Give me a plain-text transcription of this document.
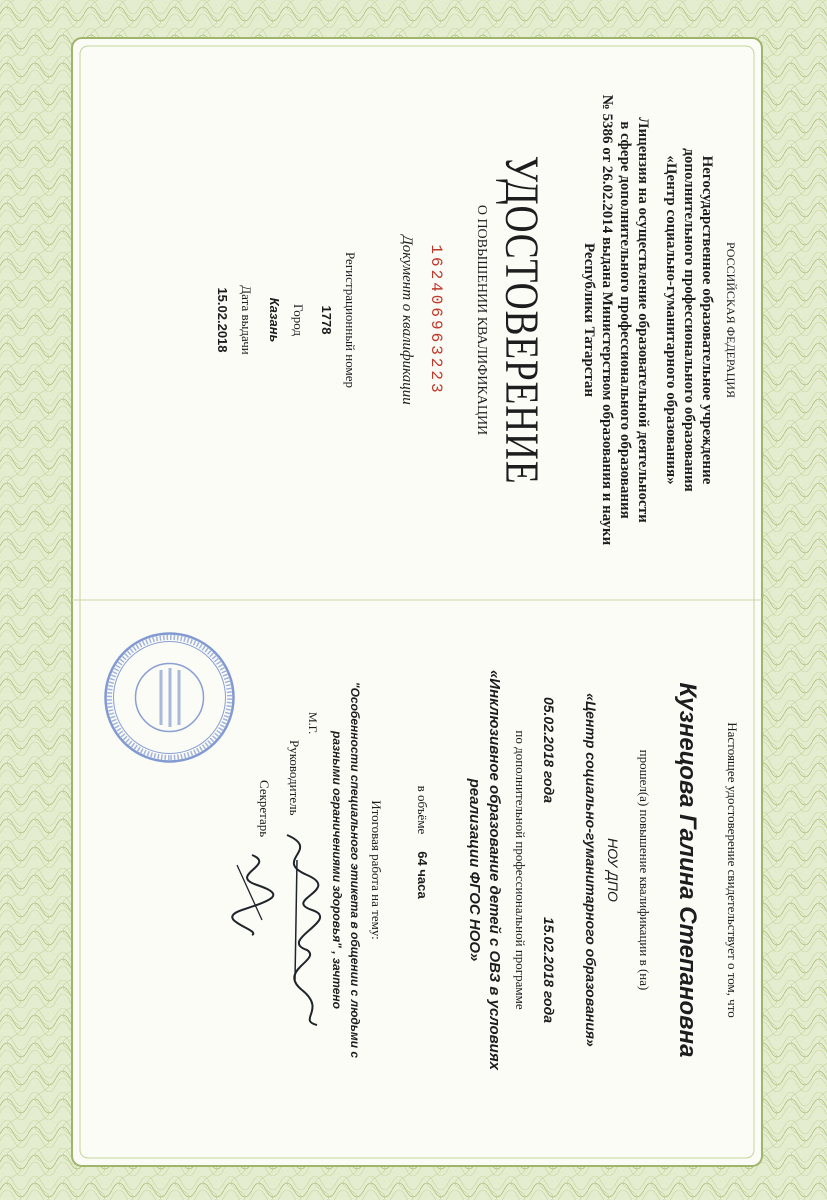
РОССИЙСКАЯ ФЕДЕРАЦИЯ
Негосударственное образовательное учреждение
дополнительного профессионального образования
«Центр социально-гуманитарного образования»
Лицензия на осуществление образовательной деятельности
в сфере дополнительного профессионального образования
№ 5386 от 26.02.2014 выдана Министерством образования и науки
Республики Татарстан
УДОСТОВЕРЕНИЕ
О ПОВЫШЕНИИ КВАЛИФИКАЦИИ
162406963223
Документ о квалификации
Регистрационный номер
1778
Город
Казань
Дата выдачи
15.02.2018
Настоящее удостоверение свидетельствует о том, что
Кузнецова Галина Степановна
прошел(а) повышение квалификации в (на)
НОУ ДПО
«Центр социально-гуманитарного образования»
05.02.2018 года
15.02.2018 года
по дополнительной профессиональной программе
«Инклюзивное образование детей с ОВЗ в условиях
реализации ФГОС НОО»
в объёме
64 часа
Итоговая работа на тему:
"Особенности специального этикета в общении с людьми с
разными ограничениями здоровья" , зачтено
Руководитель
М.Г.
Секретарь
